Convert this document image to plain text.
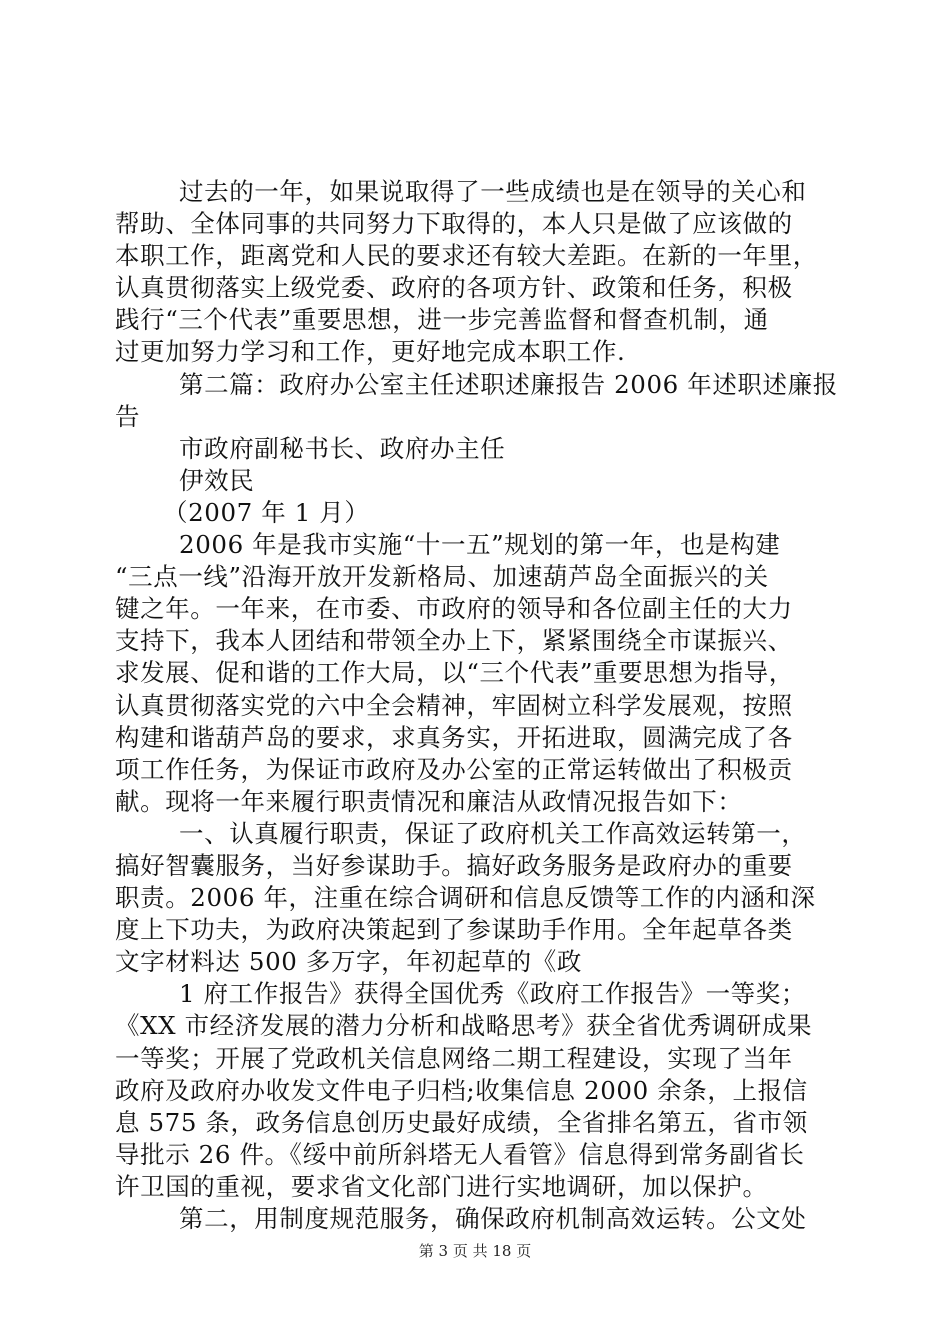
过去的一年，如果说取得了一些成绩也是在领导的关心和
帮助、全体同事的共同努力下取得的，本人只是做了应该做的
本职工作，距离党和人民的要求还有较大差距。在新的一年里，
认真贯彻落实上级党委、政府的各项方针、政策和任务，积极
践行“三个代表”重要思想，进一步完善监督和督查机制，通
过更加努力学习和工作，更好地完成本职工作.
第二篇：政府办公室主任述职述廉报告 2006 年述职述廉报
告
市政府副秘书长、政府办主任
伊效民
（2007 年 1 月）
2006 年是我市实施“十一五”规划的第一年，也是构建
“三点一线”沿海开放开发新格局、加速葫芦岛全面振兴的关
键之年。一年来，在市委、市政府的领导和各位副主任的大力
支持下，我本人团结和带领全办上下，紧紧围绕全市谋振兴、
求发展、促和谐的工作大局，以“三个代表”重要思想为指导，
认真贯彻落实党的六中全会精神，牢固树立科学发展观，按照
构建和谐葫芦岛的要求，求真务实，开拓进取，圆满完成了各
项工作任务，为保证市政府及办公室的正常运转做出了积极贡
献。现将一年来履行职责情况和廉洁从政情况报告如下：
一、认真履行职责，保证了政府机关工作高效运转第一，
搞好智囊服务，当好参谋助手。搞好政务服务是政府办的重要
职责。2006 年，注重在综合调研和信息反馈等工作的内涵和深
度上下功夫，为政府决策起到了参谋助手作用。全年起草各类
文字材料达 500 多万字，年初起草的《政
1 府工作报告》获得全国优秀《政府工作报告》一等奖；
《XX 市经济发展的潜力分析和战略思考》获全省优秀调研成果
一等奖；开展了党政机关信息网络二期工程建设，实现了当年
政府及政府办收发文件电子归档;收集信息 2000 余条，上报信
息 575 条，政务信息创历史最好成绩，全省排名第五，省市领
导批示 26 件。《绥中前所斜塔无人看管》信息得到常务副省长
许卫国的重视，要求省文化部门进行实地调研，加以保护。
第二，用制度规范服务，确保政府机制高效运转。公文处
第 3 页 共 18 页
